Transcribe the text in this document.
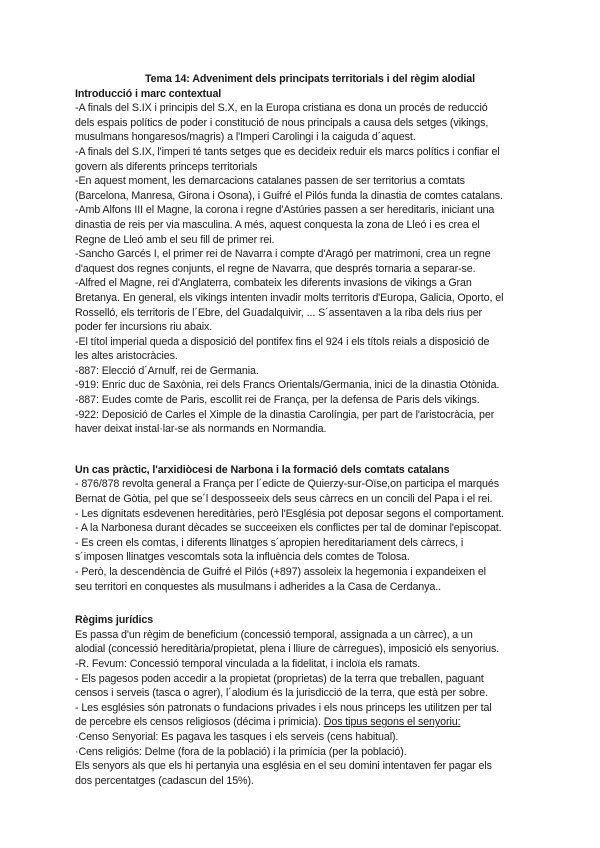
Tema 14: Adveniment dels principats territorials i del règim alodial
Introducció i marc contextual
-A finals del S.IX i principis del S.X, en la Europa cristiana es dona un procés de reducció
dels espais polítics de poder i constitució de nous principals a causa dels setges (vikings,
musulmans hongaresos/magris) a l'Imperi Carolingi i la caiguda d´aquest.
-A finals del S.IX, l'imperi té tants setges que es decideix reduir els marcs polítics i confiar el
govern als diferents princeps territorials
-En aquest moment, les demarcacions catalanes passen de ser territorius a comtats
(Barcelona, Manresa, Girona i Osona), i Guifré el Pilós funda la dinastia de comtes catalans.
-Amb Alfons III el Magne, la corona i regne d'Astúries passen a ser hereditaris, iniciant una
dinastia de reis per via masculina. A més, aquest conquesta la zona de Lleó i es crea el
Regne de Lleó amb el seu fill de primer rei.
-Sancho Garcés I, el primer rei de Navarra i compte d'Aragó per matrimoni, crea un regne
d'aquest dos regnes conjunts, el regne de Navarra, que després tornaria a separar-se.
-Alfred el Magne, rei d'Anglaterra, combateix les diferents invasions de vikings a Gran
Bretanya. En general, els vikings intenten invadir molts territoris d'Europa, Galicia, Oporto, el
Rosselló, els territoris de l´Ebre, del Guadalquivir, ... S´assentaven a la riba dels rius per
poder fer incursions riu abaix.
-El títol imperial queda a disposició del pontifex fins el 924 i els títols reials a disposició de
les altes aristocràcies.
-887: Elecció d´Arnulf, rei de Germania.
-919: Enric duc de Saxònia, rei dels Francs Orientals/Germania, inici de la dinastia Otònida.
-887: Eudes comte de Paris, escollit rei de França, per la defensa de Paris dels vikings.
-922: Deposició de Carles el Ximple de la dinastia Carolíngia, per part de l'aristocràcia, per
haver deixat instal·lar-se als normands en Normandia.
Un cas pràctic, l'arxidiòcesi de Narbona i la formació dels comtats catalans
- 876/878 revolta general a França per l´edicte de Quierzy-sur-Oïse,on participa el marqués
Bernat de Gòtia, pel que se´l desposseeix dels seus càrrecs en un concili del Papa i el rei.
- Les dignitats esdevenen hereditàries, però l'Església pot deposar segons el comportament.
- A la Narbonesa durant dècades se succeeixen els conflictes per tal de dominar l'episcopat.
- Es creen els comtas, i diferents llinatges s´apropien hereditariament dels càrrecs, i
s´imposen llinatges vescomtals sota la influència dels comtes de Tolosa.
- Però, la descendència de Guifré el Pilós (+897) assoleix la hegemonia i expandeixen el
seu territori en conquestes als musulmans i adherides a la Casa de Cerdanya..
Règims jurídics
Es passa d'un règim de beneficium (concessió temporal, assignada a un càrrec), a un
alodial (concessió hereditària/propietat, plena i lliure de càrregues), imposició els senyorius.
-R. Fevum: Concessió temporal vinculada a la fidelitat, i incloïa els ramats.
- Els pagesos poden accedir a la propietat (proprietas) de la terra que treballen, paguant
censos i serveis (tasca o agrer), l´alodium és la jurisdicció de la terra, que està per sobre.
- Les esglésies són patronats o fundacions privades i els nous princeps les utilitzen per tal
de percebre els censos religiosos (décima i primicia). Dos tipus segons el senyoriu:
·Censo Senyorial: Es pagava les tasques i els serveis (cens habitual).
·Cens religiós: Delme (fora de la població) i la primícia (per la població).
Els senyors als que els hi pertanyia una església en el seu domini intentaven fer pagar els
dos percentatges (cadascun del 15%).
